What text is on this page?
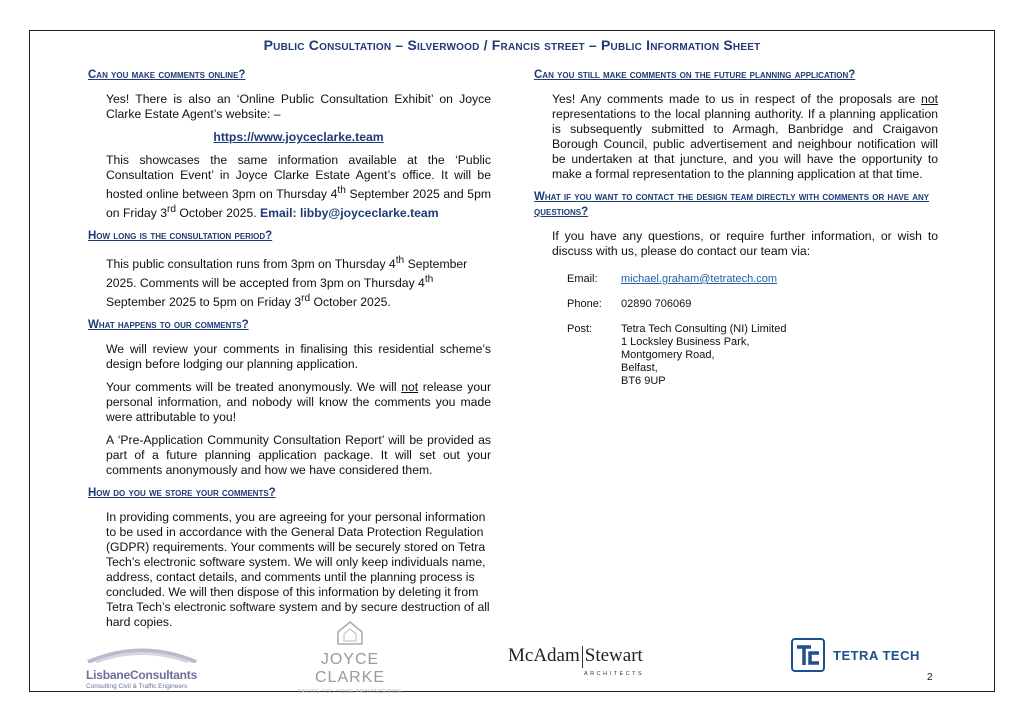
Public Consultation – Silverwood / Francis street – Public Information Sheet
Can you make comments online?
Yes! There is also an ‘Online Public Consultation Exhibit’ on Joyce Clarke Estate Agent’s website: –
https://www.joyceclarke.team
This showcases the same information available at the ‘Public Consultation Event’ in Joyce Clarke Estate Agent’s office. It will be hosted online between 3pm on Thursday 4th September 2025 and 5pm on Friday 3rd October 2025. Email: libby@joyceclarke.team
How long is the consultation period?
This public consultation runs from 3pm on Thursday 4th September 2025. Comments will be accepted from 3pm on Thursday 4th September 2025 to 5pm on Friday 3rd October 2025.
What happens to our comments?
We will review your comments in finalising this residential scheme’s design before lodging our planning application.
Your comments will be treated anonymously. We will not release your personal information, and nobody will know the comments you made were attributable to you!
A ‘Pre-Application Community Consultation Report’ will be provided as part of a future planning application package. It will set out your comments anonymously and how we have considered them.
How do you we store your comments?
In providing comments, you are agreeing for your personal information to be used in accordance with the General Data Protection Regulation (GDPR) requirements. Your comments will be securely stored on Tetra Tech’s electronic software system. We will only keep individuals name, address, contact details, and comments until the planning process is concluded. We will then dispose of this information by deleting it from Tetra Tech’s electronic software system and by secure destruction of all hard copies.
Can you still make comments on the future planning application?
Yes! Any comments made to us in respect of the proposals are not representations to the local planning authority. If a planning application is subsequently submitted to Armagh, Banbridge and Craigavon Borough Council, public advertisement and neighbour notification will be undertaken at that juncture, and you will have the opportunity to make a formal representation to the planning application at that time.
What if you want to contact the design team directly with comments or have any questions?
If you have any questions, or require further information, or wish to discuss with us, please do contact our team via:
Email:	michael.graham@tetratech.com
Phone:	02890 706069
Post:	Tetra Tech Consulting (NI) Limited
1 Locksley Business Park,
Montgomery Road,
Belfast,
BT6 9UP
LisbaneConsultants
Consulting Civil & Traffic Engineers
JOYCE CLARKE
TAKING YOU HOME PROVINCEWIDE
McAdam Stewart
ARCHITECTS
TETRA TECH
2
